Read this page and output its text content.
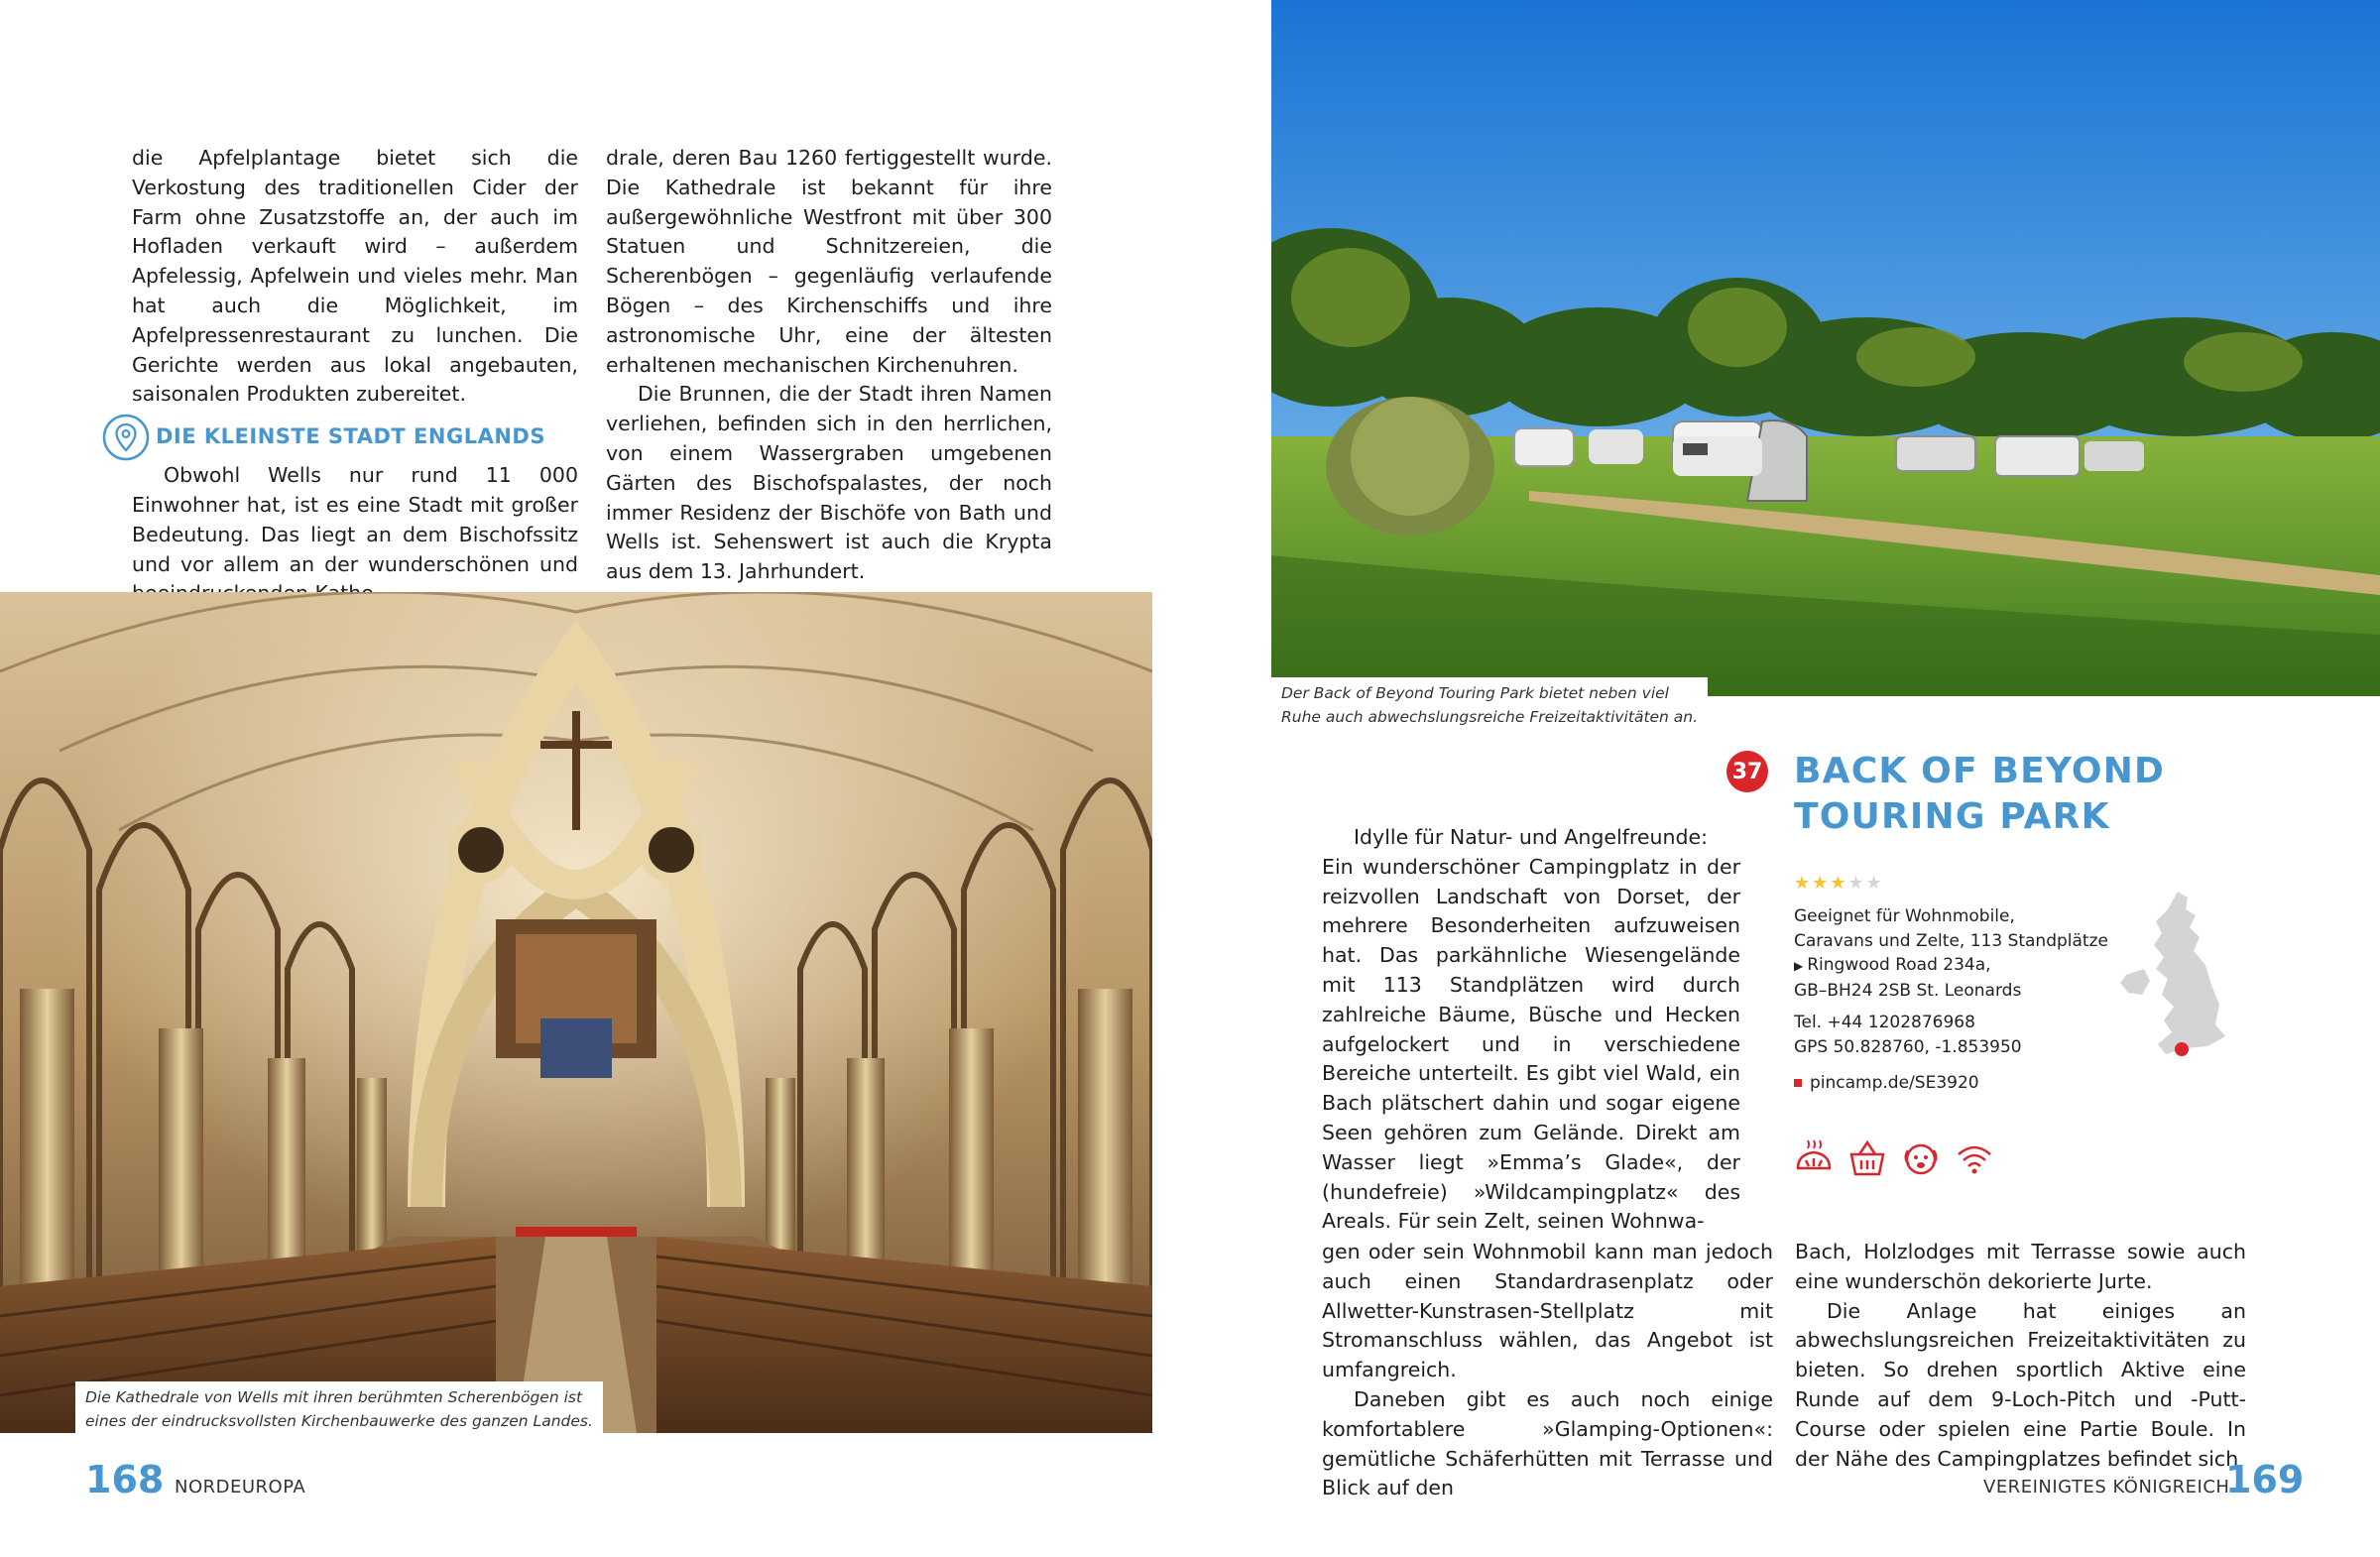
die Apfelplantage bietet sich die Verkostung des traditionellen Cider der Farm ohne Zusatzstoffe an, der auch im Hofladen verkauft wird – außerdem Apfelessig, Apfelwein und vieles mehr. Man hat auch die Möglichkeit, im Apfelpressenrestaurant zu lunchen. Die Gerichte werden aus lokal angebauten, saisonalen Produkten zubereitet.

DIE KLEINSTE STADT ENGLANDS

Obwohl Wells nur rund 11 000 Einwohner hat, ist es eine Stadt mit großer Bedeutung. Das liegt an dem Bischofssitz und vor allem an der wunderschönen und

drale, deren Bau 1260 fertiggestellt wurde. Die Kathedrale ist bekannt für ihre außergewöhnliche Westfront mit über 300 Statuen und Schnitzereien, die Scherenbögen – gegenläufig verlaufende Bögen – des Kirchenschiffs und ihre astronomische Uhr, eine der ältesten erhaltenen mechanischen Kirchenuhren.

Die Brunnen, die der Stadt ihren Namen verliehen, befinden sich in den herrlichen, von einem Wassergraben umgebenen Gärten des Bischofspalastes, der noch immer Residenz der Bischöfe von Bath und Wells ist. Sehenswert ist auch die Krypta aus dem 13. Jahrhundert.

Die Kathedrale von Wells mit ihren berühmten Scherenbögen ist
eines der eindrucksvollsten Kirchenbauwerke des ganzen Landes.
168 NORDEUROPA
Der Back of Beyond Touring Park bietet neben viel
Ruhe auch abwechslungsreiche Freizeitaktivitäten an.
37 BACK OF BEYOND
TOURING PARK
★★★★★
Geeignet für Wohnmobile,
Caravans und Zelte, 113 Standplätze
▶ Ringwood Road 234a,
GB–BH24 2SB St. Leonards
Tel. +44 1202876968
GPS 50.828760, -1.853950
pincamp.de/SE3920

Idylle für Natur- und Angelfreunde:

Ein wunderschöner Campingplatz in der reizvollen Landschaft von Dorset, der mehrere Besonderheiten aufzuweisen hat. Das parkähnliche Wiesengelände mit 113 Standplätzen wird durch zahlreiche Bäume, Büsche und Hecken aufgelockert und in verschiedene Bereiche unterteilt. Es gibt viel Wald, ein Bach plätschert dahin und sogar eigene Seen gehören zum Gelände. Direkt am Wasser liegt »Emma’s Glade«, der (hundefreie) »Wildcampingplatz« des Areals. Für sein Zelt, seinen Wohnwa-

gen oder sein Wohnmobil kann man jedoch auch einen Standardrasenplatz oder Allwetter-Kunstrasen-Stellplatz mit Stromanschluss wählen, das Angebot ist umfangreich.

Daneben gibt es auch noch einige komfortablere »Glamping-Optionen«: gemütliche Schäferhütten mit Terrasse und Blick auf den

Bach, Holzlodges mit Terrasse sowie auch eine wunderschön dekorierte Jurte.

Die Anlage hat einiges an abwechslungsreichen Freizeitaktivitäten zu bieten. So drehen sportlich Aktive eine Runde auf dem 9-Loch-Pitch und -Putt-Course oder spielen eine Partie Boule. In der Nähe des Campingplatzes befindet sich

VEREINIGTES KÖNIGREICH
169
